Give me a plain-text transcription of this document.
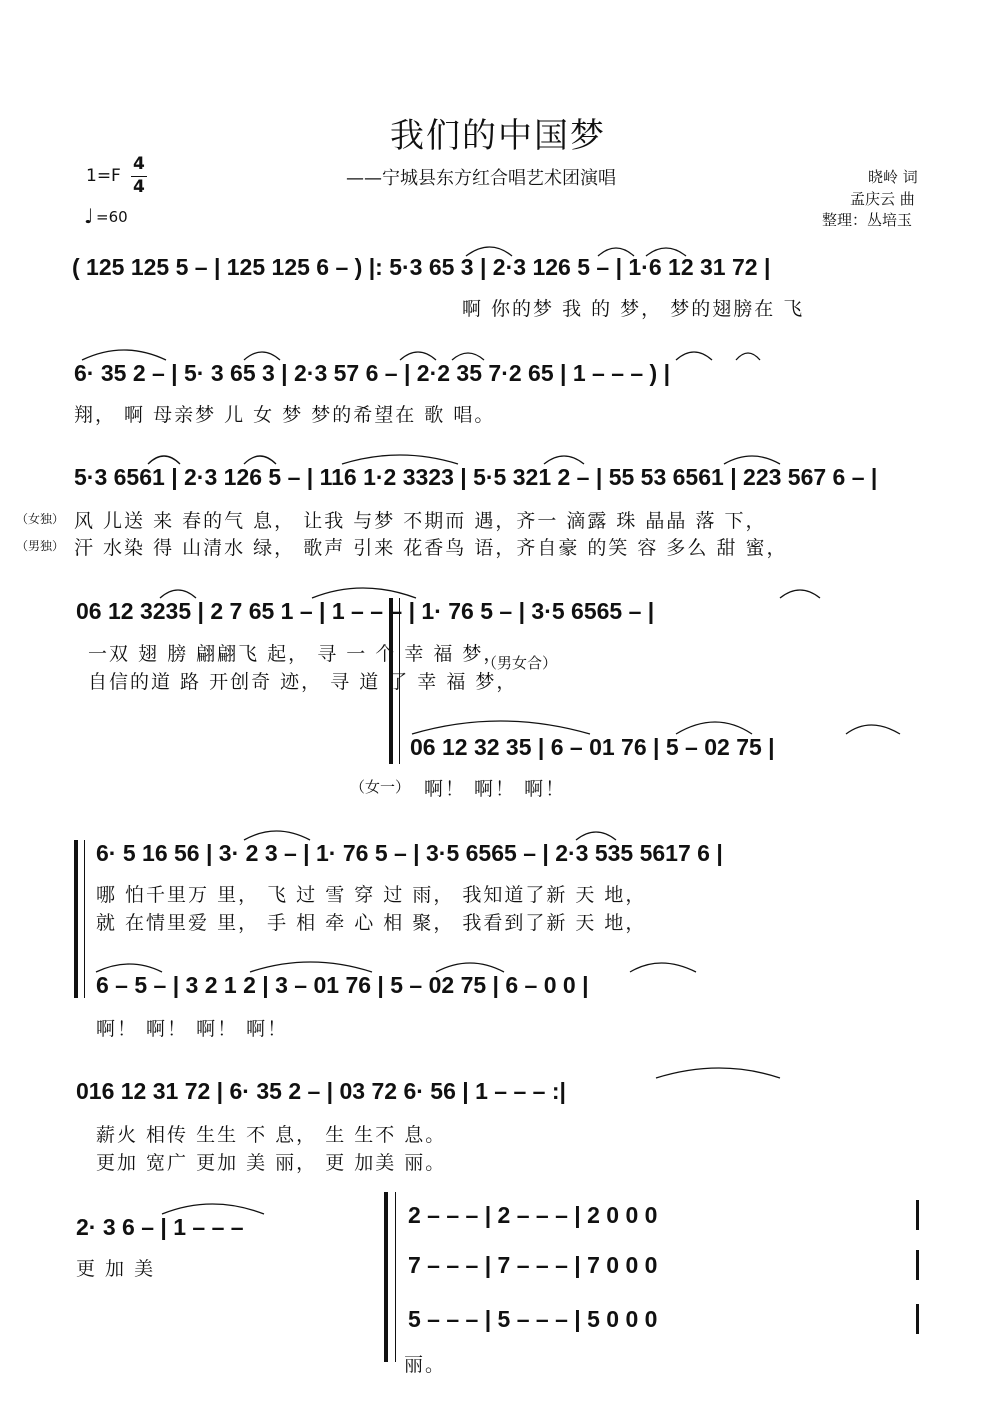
我们的中国梦
——宁城县东方红合唱艺术团演唱
1=F
4
4
♩ =60
晓岭 词
孟庆云 曲
整理：丛培玉
( 125 125 5 – | 125 125 6 – ) |: 5·3 65 3 | 2·3 126 5 – | 1·6 12 31 72 |
啊 你的梦 我 的 梦， 梦的翅膀在 飞
6· 35 2 – | 5· 3 65 3 | 2·3 57 6 – | 2·2 35 7·2 65 | 1 – – – ) |
翔， 啊 母亲梦 儿 女 梦 梦的希望在 歌 唱。
5·3 6561 | 2·3 126 5 – | 116 1·2 3323 | 5·5 321 2 – | 55 53 6561 | 223 567 6 – |
（女独）
（男独）
风 儿送 来 春的气 息， 让我 与梦 不期而 遇，齐一 滴露 珠 晶晶 落 下，
汗 水染 得 山清水 绿， 歌声 引来 花香鸟 语，齐自豪 的笑 容 多么 甜 蜜，
06 12 3235 | 2 7 65 1 – | 1 – – – | 1· 76 5 – | 3·5 6565 – |
一双 翅 膀 翩翩飞 起， 寻 一 个 幸 福 梦，
自信的道 路 开创奇 迹， 寻 道 了 幸 福 梦，
（男女合）
06 12 32 35 | 6 – 01 76 | 5 – 02 75 |
（女一） 啊！ 啊！ 啊！
6· 5 16 56 | 3· 2 3 – | 1· 76 5 – | 3·5 6565 – | 2·3 535 5617 6 |
哪 怕千里万 里， 飞 过 雪 穿 过 雨， 我知道了新 天 地，
就 在情里爱 里， 手 相 牵 心 相 聚， 我看到了新 天 地，
6 – 5 – | 3 2 1 2 | 3 – 01 76 | 5 – 02 75 | 6 – 0 0 |
啊！ 啊！ 啊！ 啊！
016 12 31 72 | 6· 35 2 – | 03 72 6· 56 | 1 – – – :|
薪火 相传 生生 不 息， 生 生不 息。
更加 宽广 更加 美 丽， 更 加美 丽。
2· 3 6 – | 1 – – –
更 加 美
2 – – – | 2 – – – | 2 0 0 0
7 – – – | 7 – – – | 7 0 0 0
5 – – – | 5 – – – | 5 0 0 0
丽。
